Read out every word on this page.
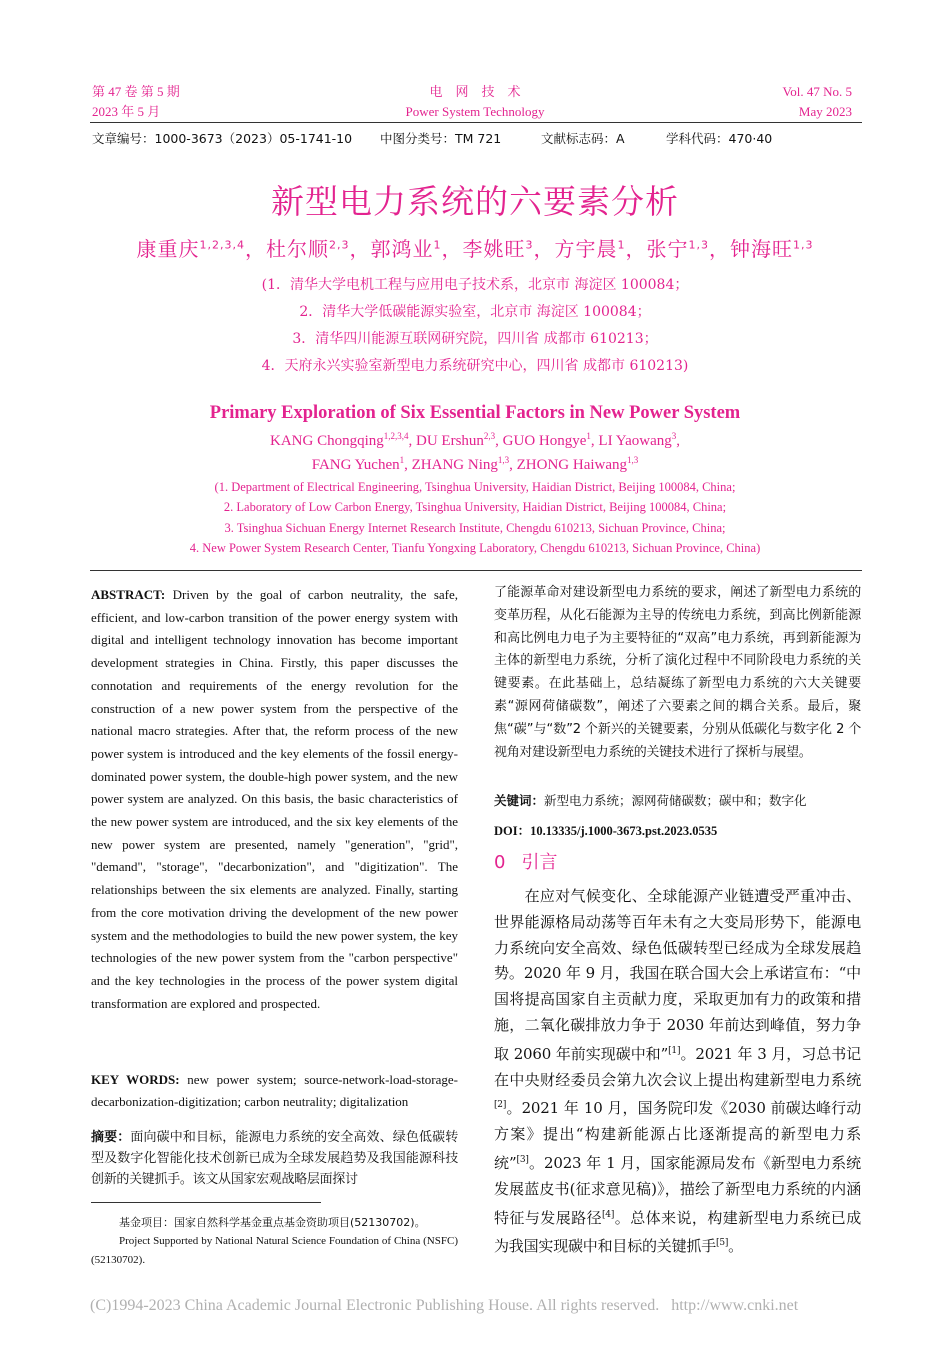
第 47 卷 第 5 期
2023 年 5 月
电　网　技　术
Power System Technology
Vol. 47 No. 5
May 2023
文章编号：1000-3673（2023）05-1741-10 中图分类号：TM 721	文献标志码：A	学科代码：470·40
新型电力系统的六要素分析
康重庆$^{1,2,3,4}$，杜尔顺$^{2,3}$，郭鸿业$^1$，李姚旺$^3$，方宇晨$^1$，张宁$^{1,3}$，钟海旺$^{1,3}$
(1．清华大学电机工程与应用电子技术系，北京市 海淀区 100084；
2．清华大学低碳能源实验室，北京市 海淀区 100084；
3．清华四川能源互联网研究院，四川省 成都市 610213；
4．天府永兴实验室新型电力系统研究中心，四川省 成都市 610213)
Primary Exploration of Six Essential Factors in New Power System
KANG Chongqing$^{1,2,3,4}$, DU Ershun$^{2,3}$, GUO Hongye$^1$, LI Yaowang$^3$,
FANG Yuchen$^1$, ZHANG Ning$^{1,3}$, ZHONG Haiwang$^{1,3}$
(1. Department of Electrical Engineering, Tsinghua University, Haidian District, Beijing 100084, China;
2. Laboratory of Low Carbon Energy, Tsinghua University, Haidian District, Beijing 100084, China;
3. Tsinghua Sichuan Energy Internet Research Institute, Chengdu 610213, Sichuan Province, China;
4. New Power System Research Center, Tianfu Yongxing Laboratory, Chengdu 610213, Sichuan Province, China)
ABSTRACT: Driven by the goal of carbon neutrality, the safe, efficient, and low-carbon transition of the power energy system with digital and intelligent technology innovation has become important development strategies in China. Firstly, this paper discusses the connotation and requirements of the energy revolution for the construction of a new power system from the perspective of the national macro strategies. After that, the reform process of the new power system is introduced and the key elements of the fossil energy-dominated power system, the double-high power system, and the new power system are analyzed. On this basis, the basic characteristics of the new power system are introduced, and the six key elements of the new power system are presented, namely "generation", "grid", "demand", "storage", "decarbonization", and "digitization". The relationships between the six elements are analyzed. Finally, starting from the core motivation driving the development of the new power system and the methodologies to build the new power system, the key technologies of the new power system from the "carbon perspective" and the key technologies in the process of the power system digital transformation are explored and prospected.
KEY WORDS: new power system; source-network-load-storage-decarbonization-digitization; carbon neutrality; digitalization
摘要：面向碳中和目标，能源电力系统的安全高效、绿色低碳转型及数字化智能化技术创新已成为全球发展趋势及我国能源科技创新的关键抓手。该文从国家宏观战略层面探讨
基金项目：国家自然科学基金重点基金资助项目(52130702)。
Project Supported by National Natural Science Foundation of China (NSFC) (52130702).
了能源革命对建设新型电力系统的要求，阐述了新型电力系统的变革历程，从化石能源为主导的传统电力系统，到高比例新能源和高比例电力电子为主要特征的“双高”电力系统，再到新能源为主体的新型电力系统，分析了演化过程中不同阶段电力系统的关键要素。在此基础上，总结凝练了新型电力系统的六大关键要素“源网荷储碳数”，阐述了六要素之间的耦合关系。最后，聚焦“碳”与“数”2 个新兴的关键要素，分别从低碳化与数字化 2 个视角对建设新型电力系统的关键技术进行了探析与展望。
关键词：新型电力系统；源网荷储碳数；碳中和；数字化
DOI：10.13335/j.1000-3673.pst.2023.0535
0 引言
　　在应对气候变化、全球能源产业链遭受严重冲击、世界能源格局动荡等百年未有之大变局形势下，能源电力系统向安全高效、绿色低碳转型已经成为全球发展趋势。2020 年 9 月，我国在联合国大会上承诺宣布：“中国将提高国家自主贡献力度，采取更加有力的政策和措施，二氧化碳排放力争于 2030 年前达到峰值，努力争取 2060 年前实现碳中和”[1]。2021 年 3 月，习总书记在中央财经委员会第九次会议上提出构建新型电力系统[2]。2021 年 10 月，国务院印发《2030 前碳达峰行动方案》提出“构建新能源占比逐渐提高的新型电力系统”[3]。2023 年 1 月，国家能源局发布《新型电力系统发展蓝皮书(征求意见稿)》，描绘了新型电力系统的内涵特征与发展路径[4]。总体来说，构建新型电力系统已成为我国实现碳中和目标的关键抓手[5]。
(C)1994-2023 China Academic Journal Electronic Publishing House. All rights reserved. http://www.cnki.net
